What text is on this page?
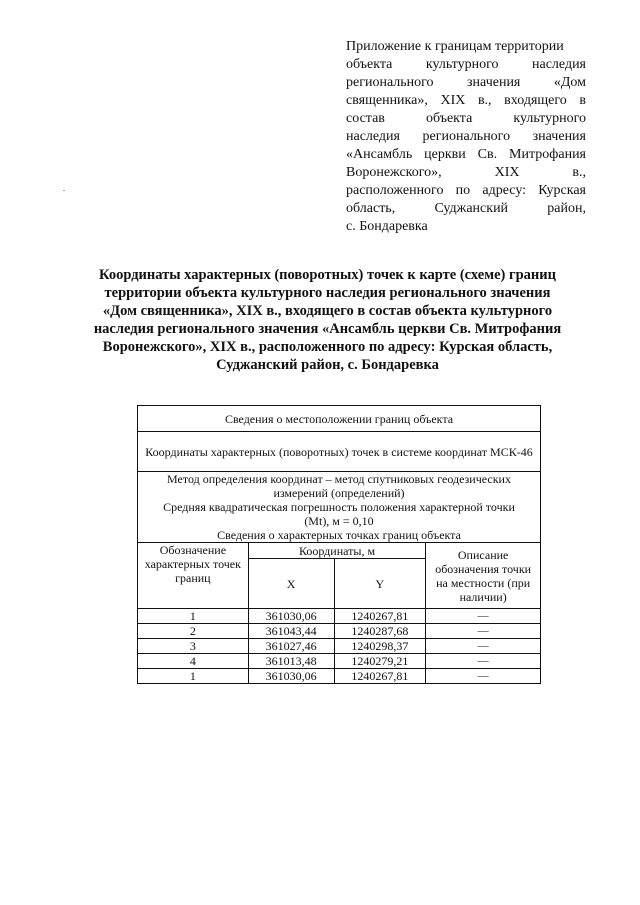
Приложение к границам территории
объекта культурного наследия
регионального значения «Дом
священника», XIX в., входящего в
состав объекта культурного
наследия регионального значения
«Ансамбль церкви Св. Митрофания
Воронежского», XIX в.,
расположенного по адресу: Курская
область, Суджанский район,
с. Бондаревка
Координаты характерных (поворотных) точек к карте (схеме) границ
территории объекта культурного наследия регионального значения
«Дом священника», XIX в., входящего в состав объекта культурного
наследия регионального значения «Ансамбль церкви Св. Митрофания
Воронежского», XIX в., расположенного по адресу: Курская область,
Суджанский район, с. Бондаревка
Сведения о местоположении границ объекта			
Координаты характерных (поворотных) точек в системе координат МСК-46			

Метод определения координат – метод спутниковых геодезических
измерений (определений)
Средняя квадратическая погрешность положения характерной точки
(Mt), м = 0,10
Сведения о характерных точках границ объекта			

Обозначение характерных точек границ	Координаты, м		Описание обозначения точки на местности (при наличии)
	X	Y	
1	361030,06	1240267,81	—
2	361043,44	1240287,68	—
3	361027,46	1240298,37	—
4	361013,48	1240279,21	—
1	361030,06	1240267,81	—
